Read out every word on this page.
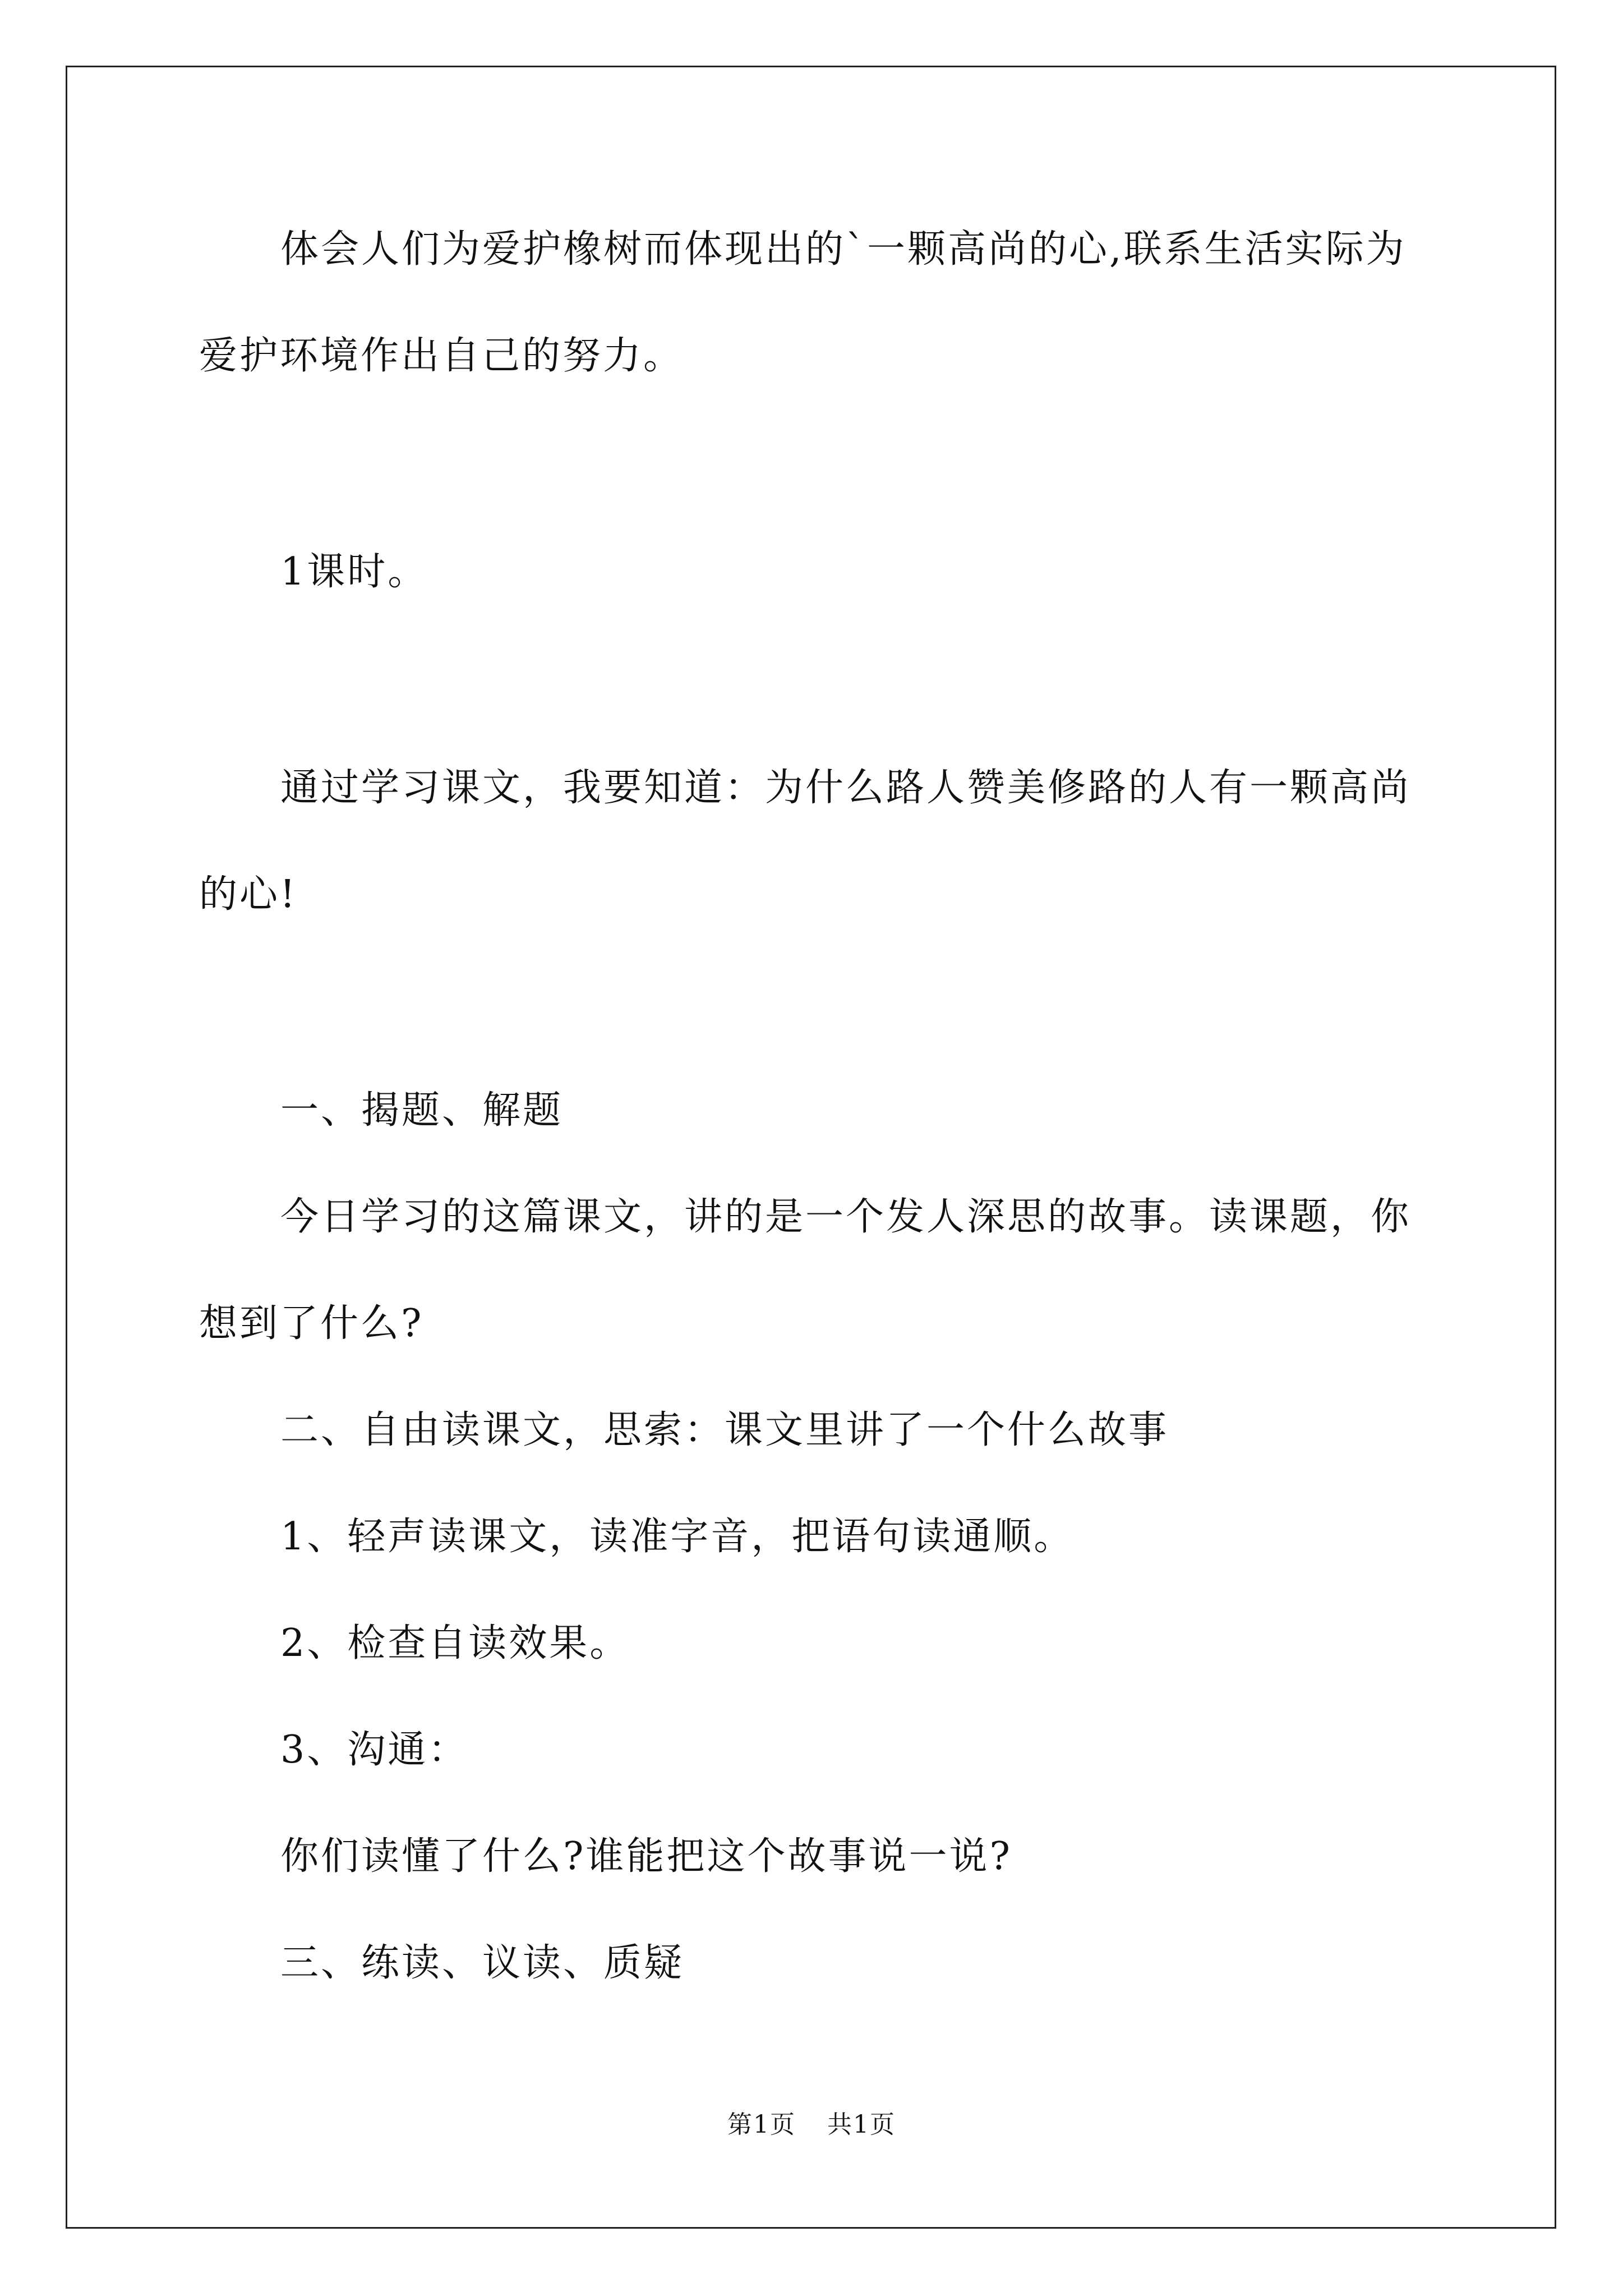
体会人们为爱护橡树而体现出的`一颗高尚的心,联系生活实际为
爱护环境作出自己的努力。
1课时。
通过学习课文，我要知道：为什么路人赞美修路的人有一颗高尚
的心!
一、揭题、解题
今日学习的这篇课文，讲的是一个发人深思的故事。读课题，你
想到了什么?
二、自由读课文，思索：课文里讲了一个什么故事
1、轻声读课文，读准字音，把语句读通顺。
2、检查自读效果。
3、沟通：
你们读懂了什么?谁能把这个故事说一说?
三、练读、议读、质疑
第1页 共1页
